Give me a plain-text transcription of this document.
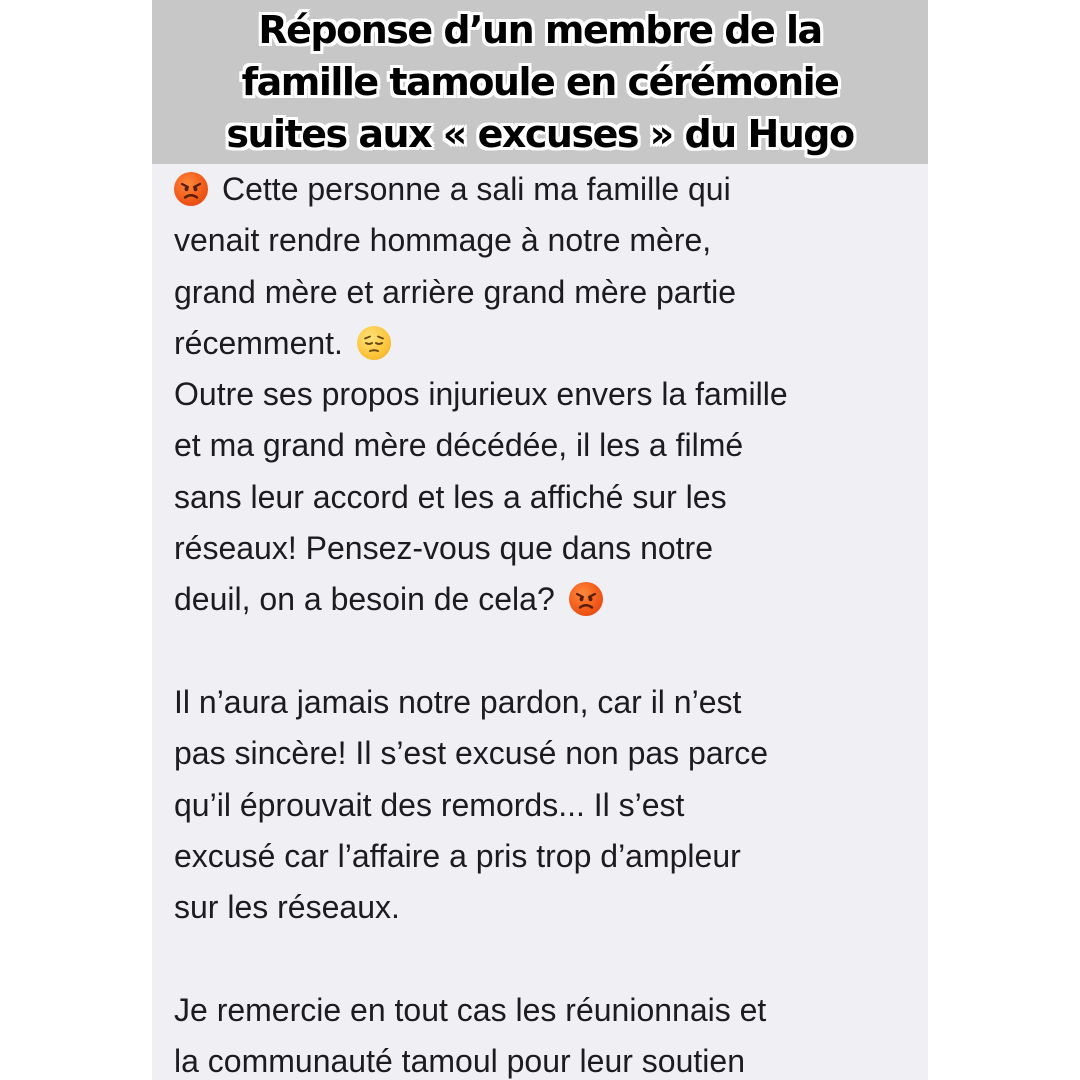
Réponse d’un membre de la
famille tamoule en cérémonie
suites aux « excuses » du Hugo
Cette personne a sali ma famille qui
venait rendre hommage à notre mère,
grand mère et arrière grand mère partie
récemment.
Outre ses propos injurieux envers la famille
et ma grand mère décédée, il les a filmé
sans leur accord et les a affiché sur les
réseaux! Pensez-vous que dans notre
deuil, on a besoin de cela?
Il n’aura jamais notre pardon, car il n’est
pas sincère! Il s’est excusé non pas parce
qu’il éprouvait des remords... Il s’est
excusé car l’affaire a pris trop d’ampleur
sur les réseaux.
Je remercie en tout cas les réunionnais et
la communauté tamoul pour leur soutien
